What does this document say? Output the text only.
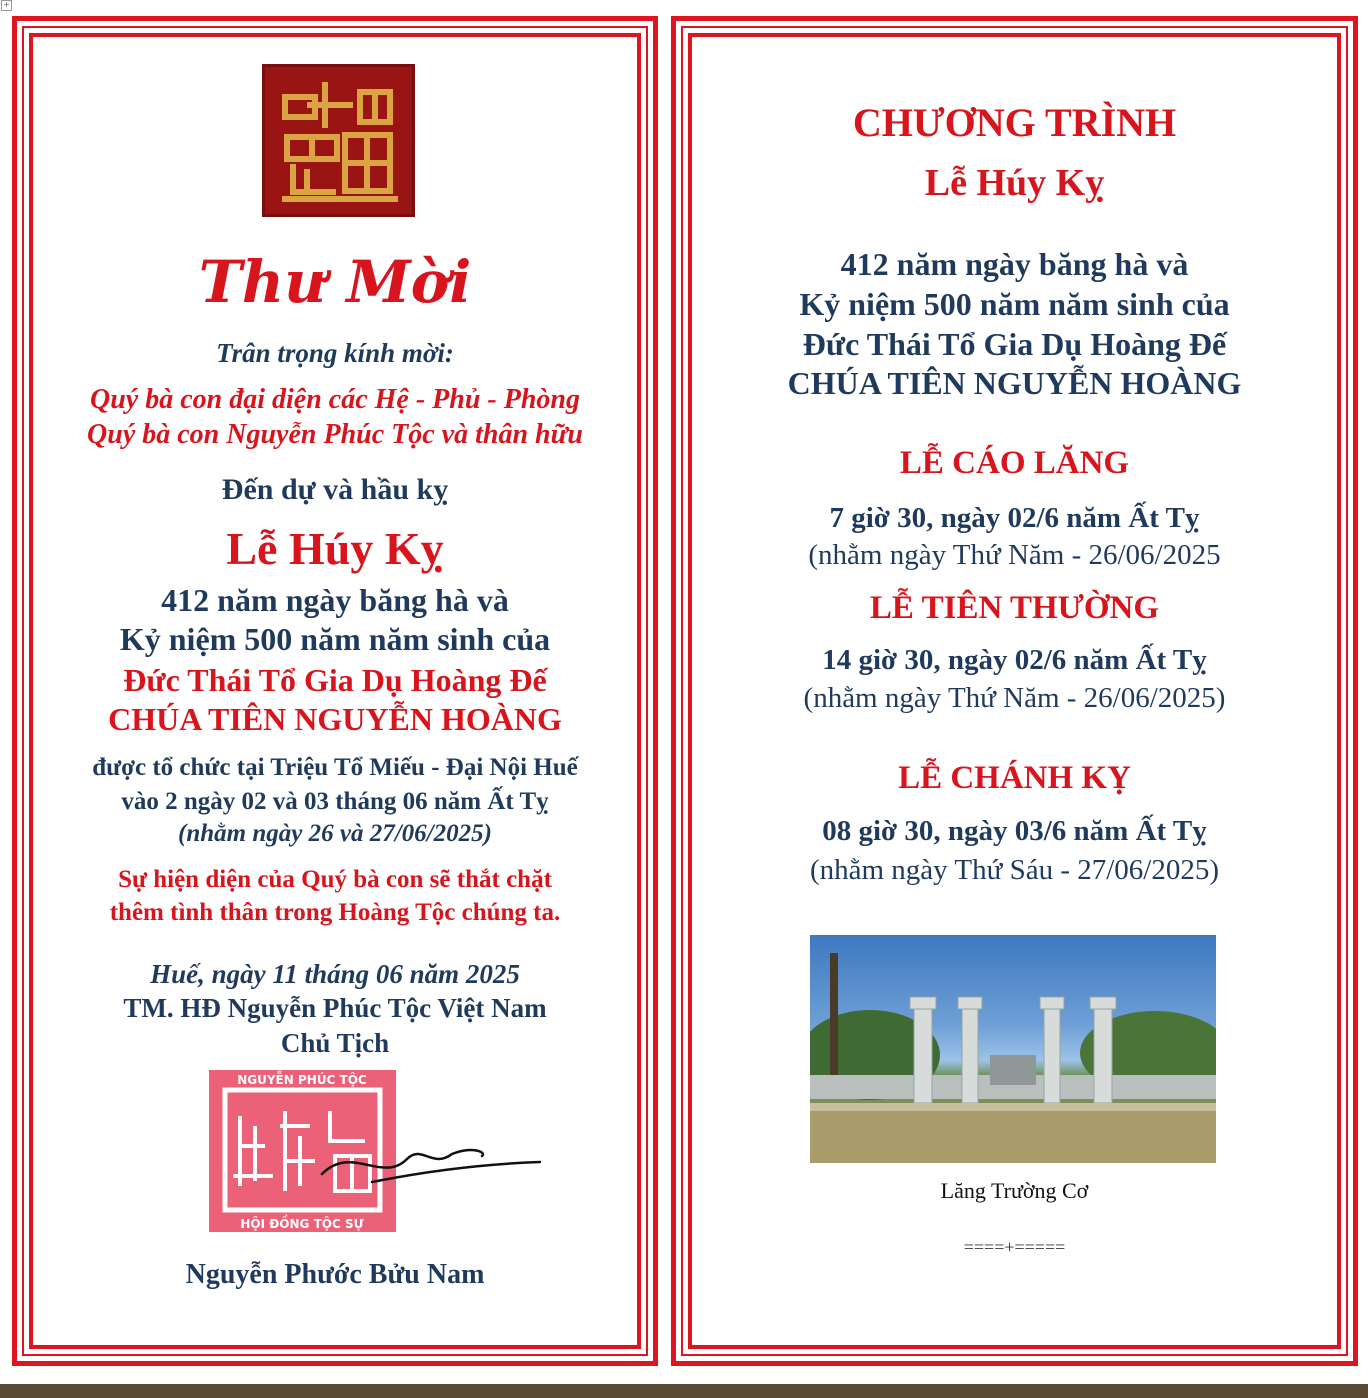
+
Thư Mời
Trân trọng kính mời:
Quý bà con đại diện các Hệ - Phủ - Phòng
Quý bà con Nguyễn Phúc Tộc và thân hữu
Đến dự và hầu kỵ
Lễ Húy Kỵ
412 năm ngày băng hà và
Kỷ niệm 500 năm năm sinh của
Đức Thái Tổ Gia Dụ Hoàng Đế
CHÚA TIÊN NGUYỄN HOÀNG
được tổ chức tại Triệu Tổ Miếu - Đại Nội Huế
vào 2 ngày 02 và 03 tháng 06 năm Ất Tỵ
(nhằm ngày 26 và 27/06/2025)
Sự hiện diện của Quý bà con sẽ thắt chặt
thêm tình thân trong Hoàng Tộc chúng ta.
Huế, ngày 11 tháng 06 năm 2025
TM. HĐ Nguyễn Phúc Tộc Việt Nam
Chủ Tịch
NGUYỄN PHÚC TỘC
HỘI ĐỒNG TỘC SỰ
Nguyễn Phước Bửu Nam
CHƯƠNG TRÌNH
Lễ Húy Kỵ
412 năm ngày băng hà và
Kỷ niệm 500 năm năm sinh của
Đức Thái Tổ Gia Dụ Hoàng Đế
CHÚA TIÊN NGUYỄN HOÀNG
LỄ CÁO LĂNG
7 giờ 30, ngày 02/6 năm Ất Tỵ
(nhằm ngày Thứ Năm - 26/06/2025
LỄ TIÊN THƯỜNG
14 giờ 30, ngày 02/6 năm Ất Tỵ
(nhằm ngày Thứ Năm - 26/06/2025)
LỄ CHÁNH KỴ
08 giờ 30, ngày 03/6 năm Ất Tỵ
(nhằm ngày Thứ Sáu - 27/06/2025)
Lăng Trường Cơ
====+=====
